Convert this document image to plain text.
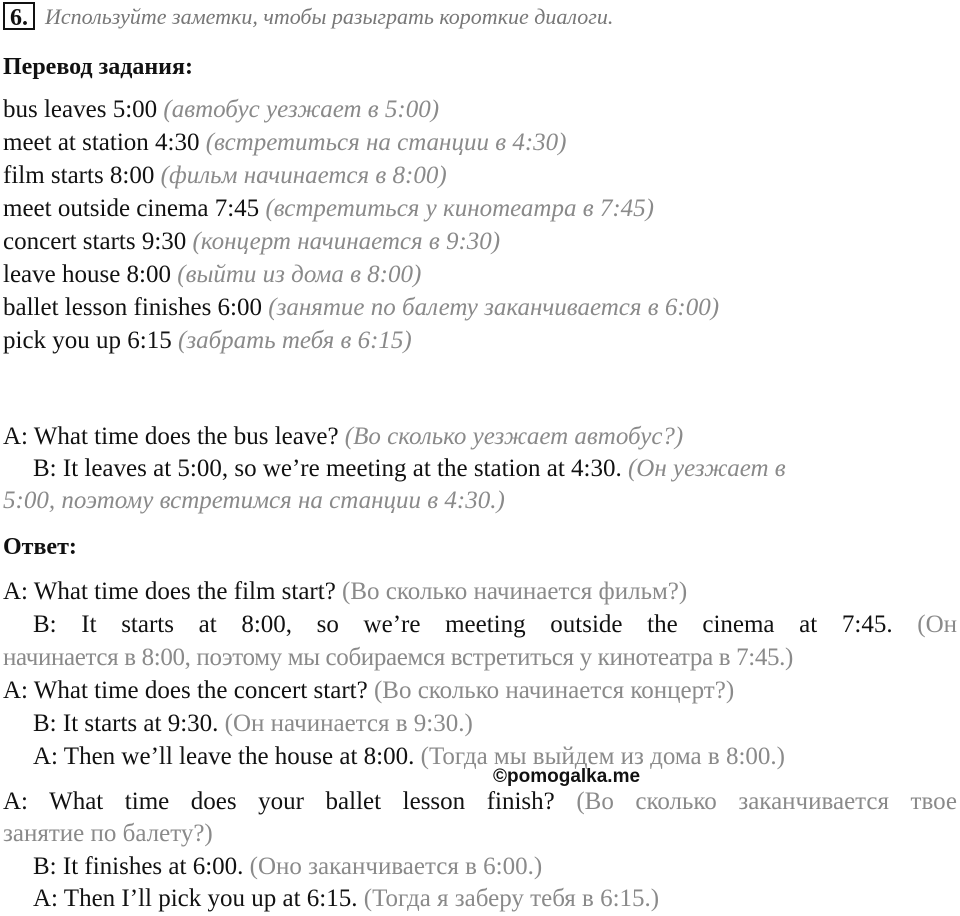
6. Используйте заметки, чтобы разыграть короткие диалоги.
Перевод задания:
bus leaves 5:00 (автобус уезжает в 5:00)
meet at station 4:30 (встретиться на станции в 4:30)
film starts 8:00 (фильм начинается в 8:00)
meet outside cinema 7:45 (встретиться у кинотеатра в 7:45)
concert starts 9:30 (концерт начинается в 9:30)
leave house 8:00 (выйти из дома в 8:00)
ballet lesson finishes 6:00 (занятие по балету заканчивается в 6:00)
pick you up 6:15 (забрать тебя в 6:15)
A: What time does the bus leave? (Во сколько уезжает автобус?)
B: It leaves at 5:00, so we’re meeting at the station at 4:30. (Он уезжает в
5:00, поэтому встретимся на станции в 4:30.)
Ответ:
A: What time does the film start? (Во сколько начинается фильм?)
B: It starts at 8:00, so we’re meeting outside the cinema at 7:45. (Он
начинается в 8:00, поэтому мы собираемся встретиться у кинотеатра в 7:45.)
A: What time does the concert start? (Во сколько начинается концерт?)
B: It starts at 9:30. (Он начинается в 9:30.)
A: Then we’ll leave the house at 8:00. (Тогда мы выйдем из дома в 8:00.)
©pomogalka.me
A: What time does your ballet lesson finish? (Во сколько заканчивается твое
занятие по балету?)
B: It finishes at 6:00. (Оно заканчивается в 6:00.)
A: Then I’ll pick you up at 6:15. (Тогда я заберу тебя в 6:15.)
